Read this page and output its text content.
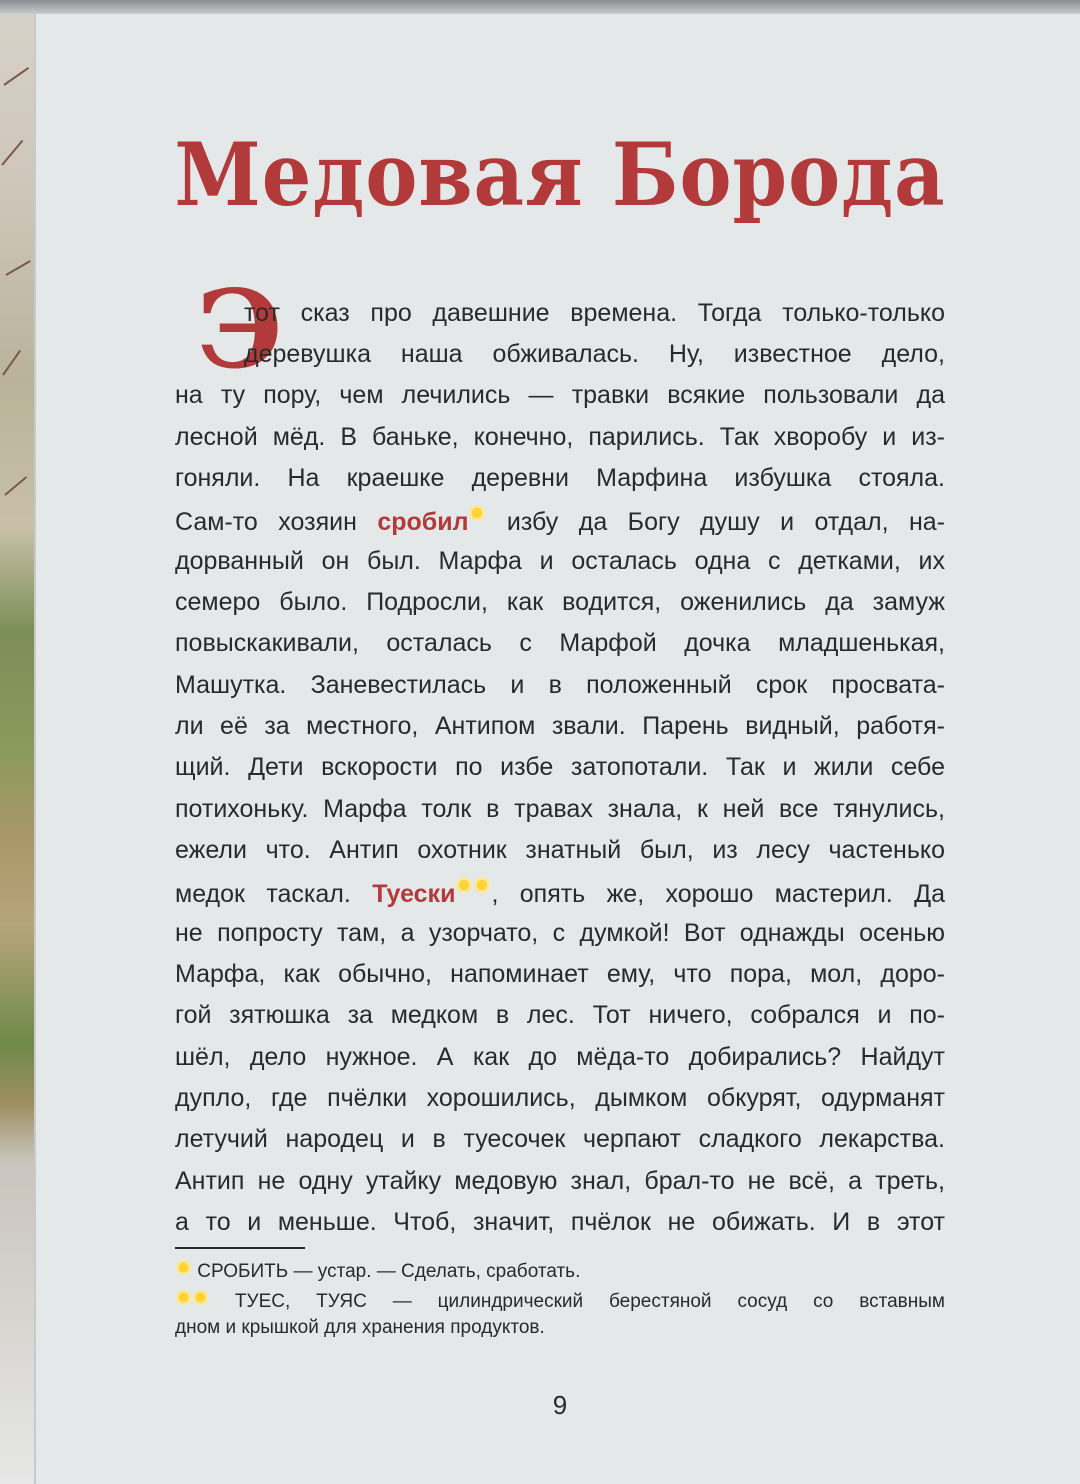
Медовая Борода
Э
тот сказ про давешние времена. Тогда только-только
деревушка наша обживалась. Ну, известное дело,
на ту пору, чем лечились — травки всякие пользовали да
лесной мёд. В баньке, конечно, парились. Так хворобу и из-
гоняли. На краешке деревни Марфина избушка стояла.
Сам-то хозяин сробил избу да Богу душу и отдал, на-
дорванный он был. Марфа и осталась одна с детками, их
семеро было. Подросли, как водится, оженились да замуж
повыскакивали, осталась с Марфой дочка младшенькая,
Машутка. Заневестилась и в положенный срок просвата-
ли её за местного, Антипом звали. Парень видный, работя-
щий. Дети вскорости по избе затопотали. Так и жили себе
потихоньку. Марфа толк в травах знала, к ней все тянулись,
ежели что. Антип охотник знатный был, из лесу частенько
медок таскал. Туески , опять же, хорошо мастерил. Да
не попросту там, а узорчато, с думкой! Вот однажды осенью
Марфа, как обычно, напоминает ему, что пора, мол, доро-
гой зятюшка за медком в лес. Тот ничего, собрался и по-
шёл, дело нужное. А как до мёда-то добирались? Найдут
дупло, где пчёлки хорошились, дымком обкурят, одурманят
летучий народец и в туесочек черпают сладкого лекарства.
Антип не одну утайку медовую знал, брал-то не всё, а треть,
а то и меньше. Чтоб, значит, пчёлок не обижать. И в этот
СРОБИТЬ — устар. — Сделать, сработать.
ТУЕС, ТУЯС — цилиндрический берестяной сосуд со вставным
дном и крышкой для хранения продуктов.
9
